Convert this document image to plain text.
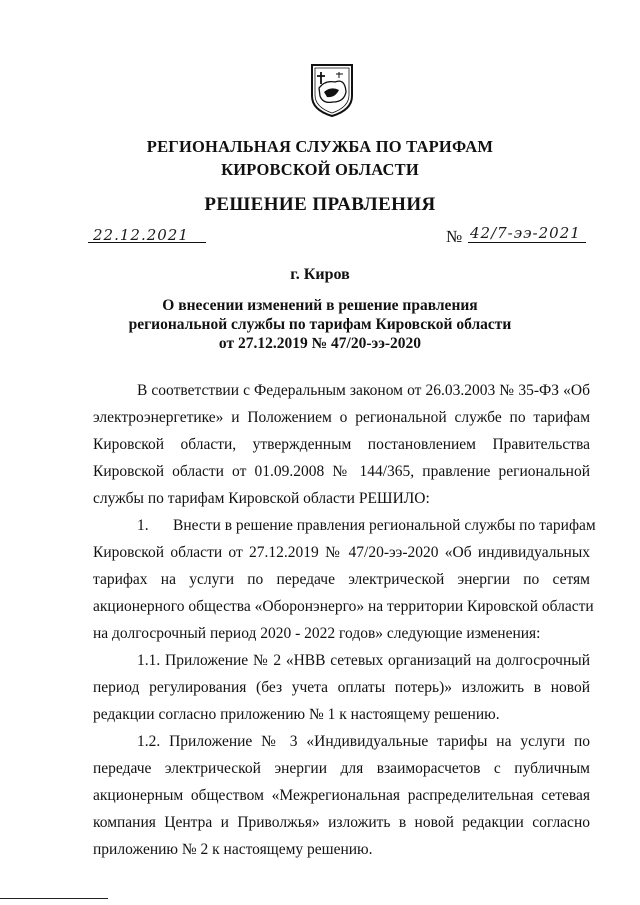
РЕГИОНАЛЬНАЯ СЛУЖБА ПО ТАРИФАМ
КИРОВСКОЙ ОБЛАСТИ
РЕШЕНИЕ ПРАВЛЕНИЯ
22.12.2021	№ 42/7-ээ-2021
г. Киров
О внесении изменений в решение правления
региональной службы по тарифам Кировской области
от 27.12.2019 № 47/20-ээ-2020
В соответствии с Федеральным законом от 26.03.2003 № 35-ФЗ «Об
электроэнергетике» и Положением о региональной службе по тарифам
Кировской области, утвержденным постановлением Правительства
Кировской области от 01.09.2008 № 144/365, правление региональной
службы по тарифам Кировской области РЕШИЛО:
1. Внести в решение правления региональной службы по тарифам
Кировской области от 27.12.2019 № 47/20-ээ-2020 «Об индивидуальных
тарифах на услуги по передаче электрической энергии по сетям
акционерного общества «Оборонэнерго» на территории Кировской области
на долгосрочный период 2020 - 2022 годов» следующие изменения:
1.1. Приложение № 2 «НВВ сетевых организаций на долгосрочный
период регулирования (без учета оплаты потерь)» изложить в новой
редакции согласно приложению № 1 к настоящему решению.
1.2. Приложение № 3 «Индивидуальные тарифы на услуги по
передаче электрической энергии для взаиморасчетов с публичным
акционерным обществом «Межрегиональная распределительная сетевая
компания Центра и Приволжья» изложить в новой редакции согласно
приложению № 2 к настоящему решению.
